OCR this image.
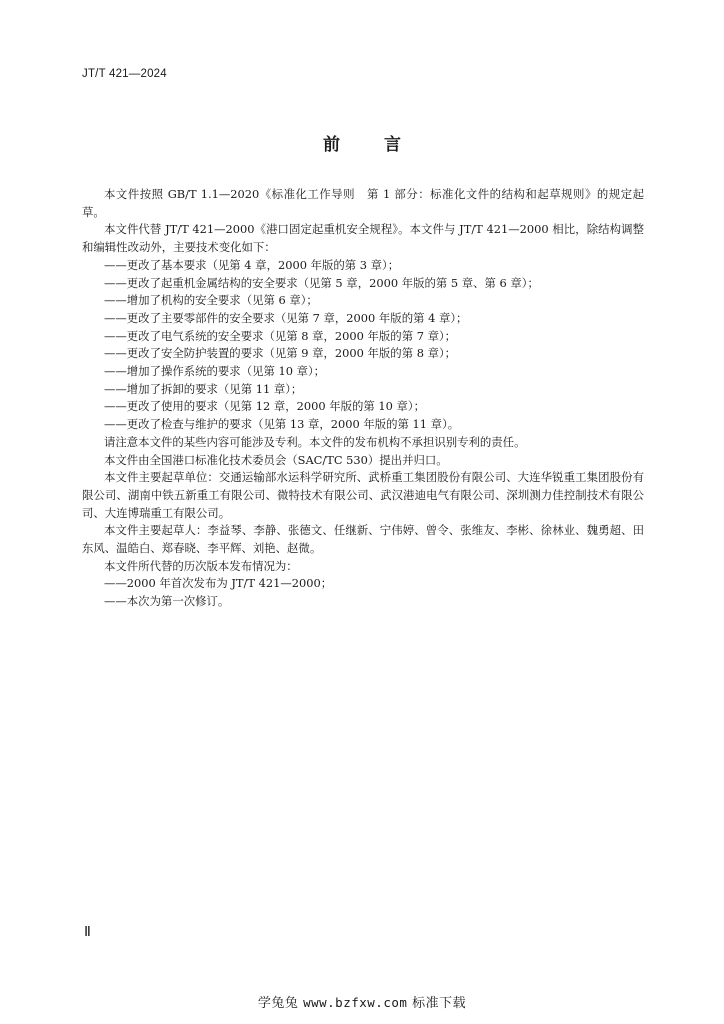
JT/T 421—2024
前	言

本文件按照 GB/T 1.1—2020《标准化工作导则　第 1 部分：标准化文件的结构和起草规则》的规定起草。

本文件代替 JT/T 421—2000《港口固定起重机安全规程》。本文件与 JT/T 421—2000 相比，除结构调整和编辑性改动外，主要技术变化如下：

——更改了基本要求（见第 4 章，2000 年版的第 3 章）；

——更改了起重机金属结构的安全要求（见第 5 章，2000 年版的第 5 章、第 6 章）；

——增加了机构的安全要求（见第 6 章）；

——更改了主要零部件的安全要求（见第 7 章，2000 年版的第 4 章）；

——更改了电气系统的安全要求（见第 8 章，2000 年版的第 7 章）；

——更改了安全防护装置的要求（见第 9 章，2000 年版的第 8 章）；

——增加了操作系统的要求（见第 10 章）；

——增加了拆卸的要求（见第 11 章）；

——更改了使用的要求（见第 12 章，2000 年版的第 10 章）；

——更改了检查与维护的要求（见第 13 章，2000 年版的第 11 章）。

请注意本文件的某些内容可能涉及专利。本文件的发布机构不承担识别专利的责任。

本文件由全国港口标准化技术委员会（SAC/TC 530）提出并归口。

本文件主要起草单位：交通运输部水运科学研究所、武桥重工集团股份有限公司、大连华锐重工集团股份有限公司、湖南中铁五新重工有限公司、微特技术有限公司、武汉港迪电气有限公司、深圳测力佳控制技术有限公司、大连博瑞重工有限公司。

本文件主要起草人：李益琴、李静、张德文、任继新、宁伟婷、曾令、张维友、李彬、徐林业、魏勇超、田东风、温皓白、郑春晓、李平辉、刘艳、赵微。

本文件所代替的历次版本发布情况为：

——2000 年首次发布为 JT/T 421—2000；

——本次为第一次修订。

Ⅱ
学兔兔 www.bzfxw.com 标准下载
